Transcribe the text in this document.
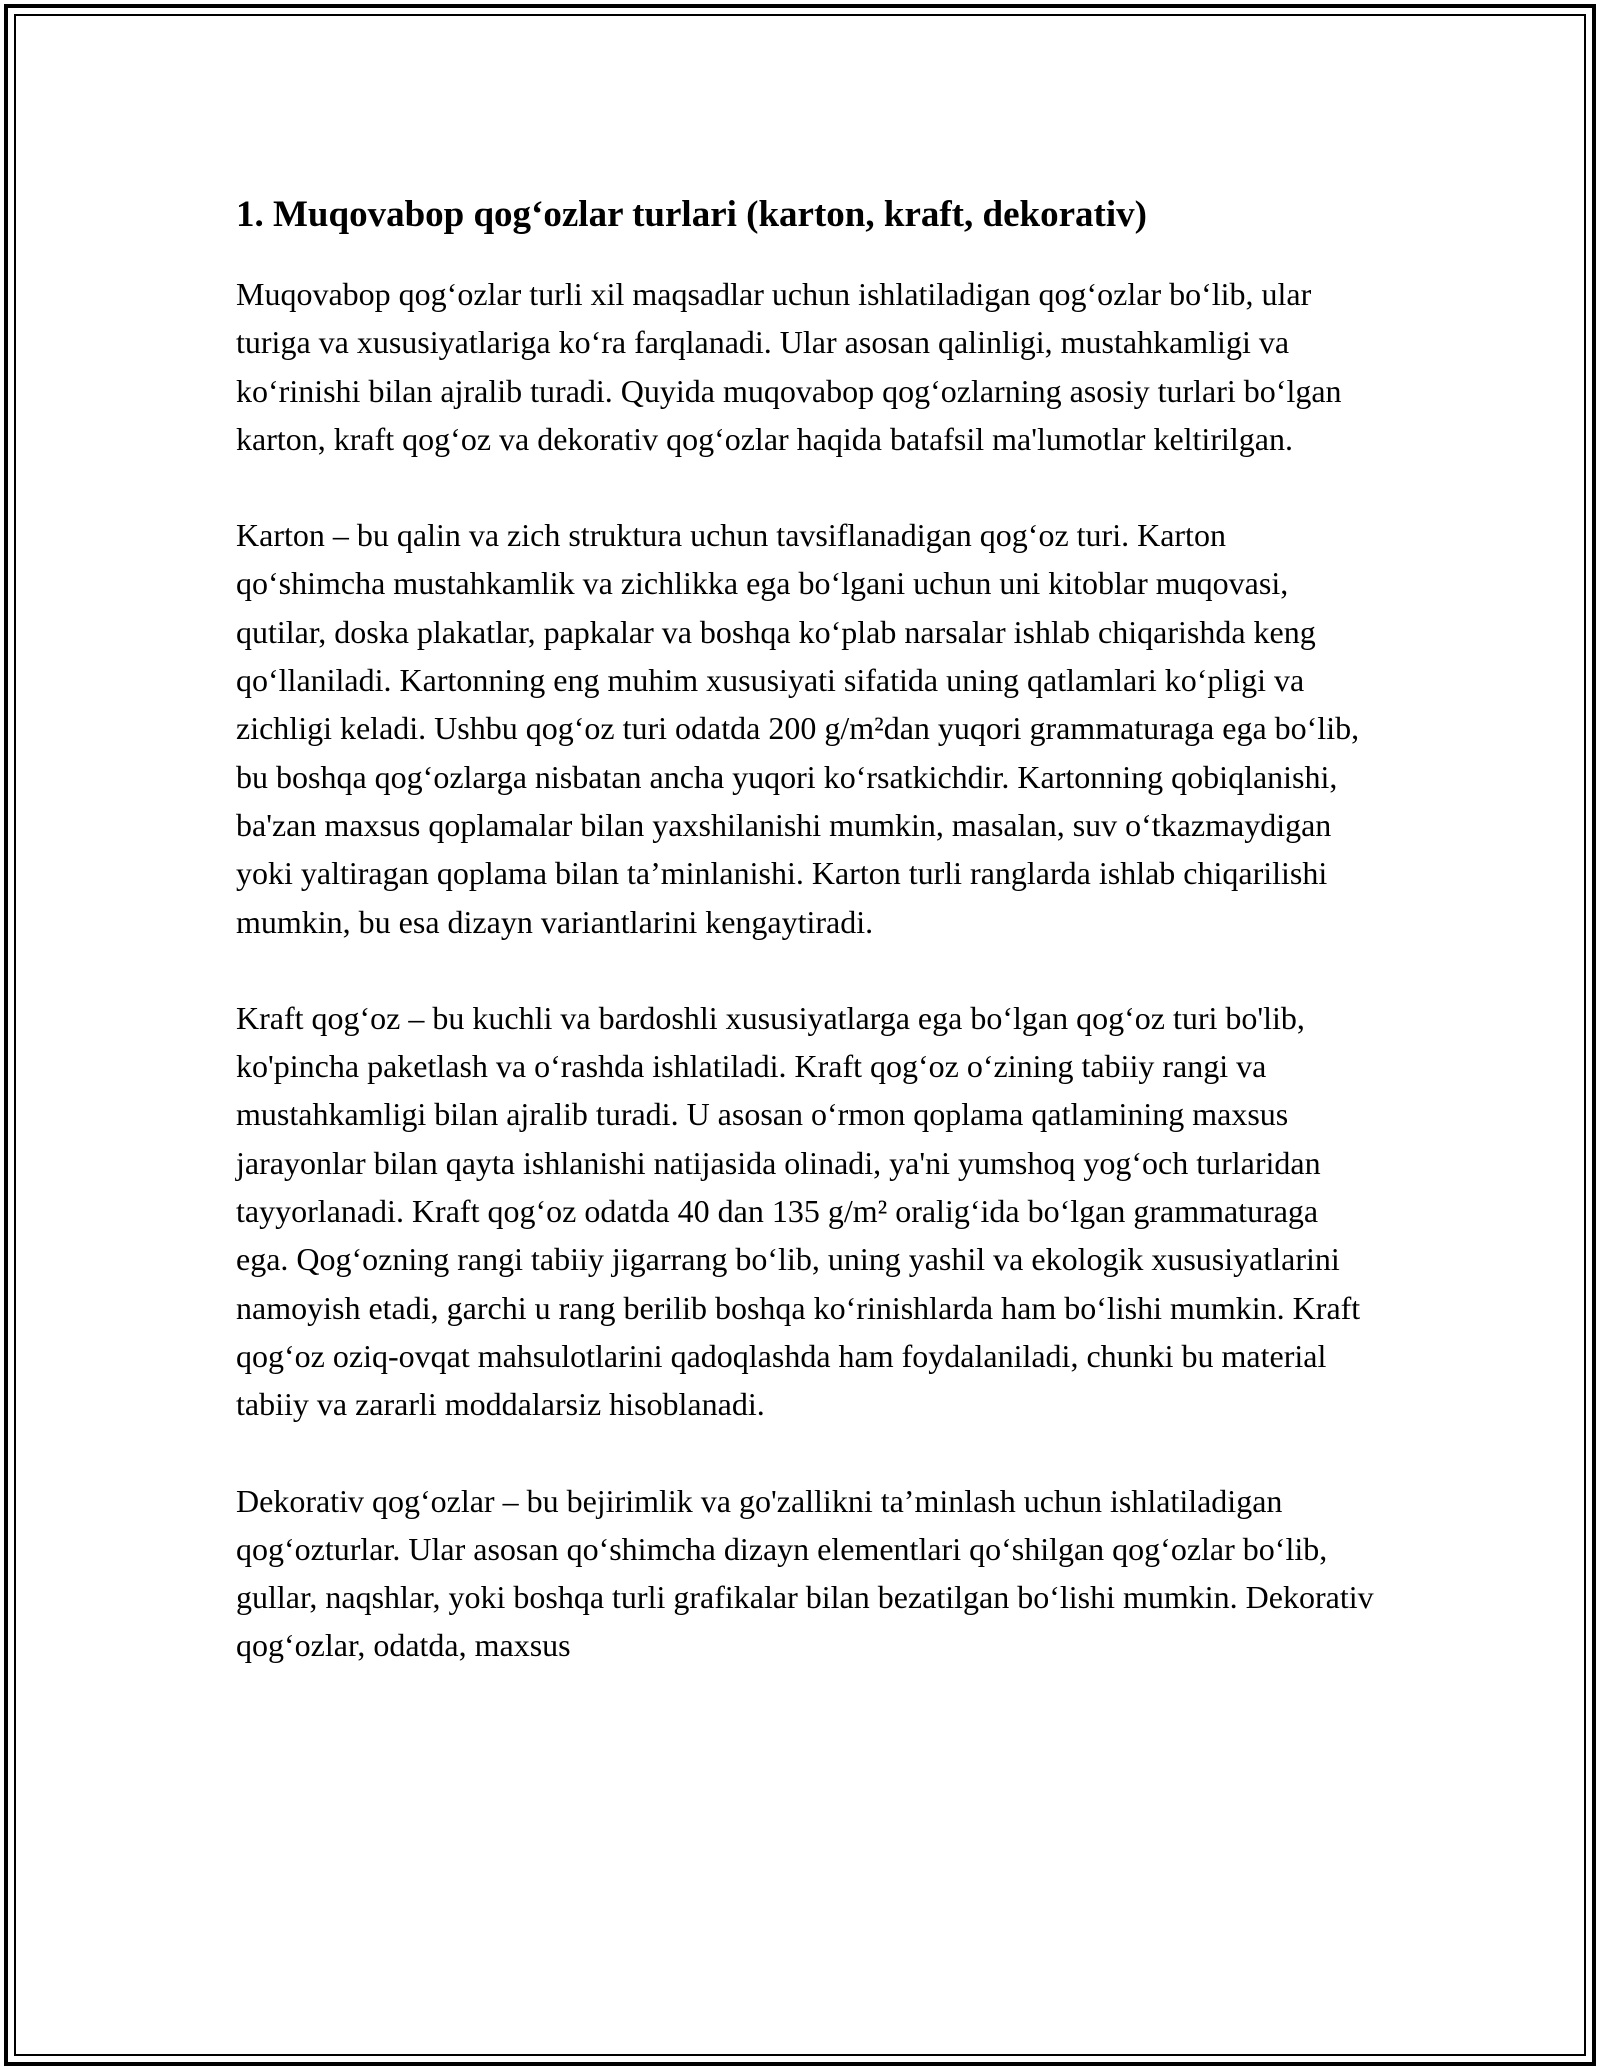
1. Muqovabop qog‘ozlar turlari (karton, kraft, dekorativ)

Muqovabop qog‘ozlar turli xil maqsadlar uchun ishlatiladigan qog‘ozlar bo‘lib, ular turiga va xususiyatlariga ko‘ra farqlanadi. Ular asosan qalinligi, mustahkamligi va ko‘rinishi bilan ajralib turadi. Quyida muqovabop qog‘ozlarning asosiy turlari bo‘lgan karton, kraft qog‘oz va dekorativ qog‘ozlar haqida batafsil ma'lumotlar keltirilgan.

Karton – bu qalin va zich struktura uchun tavsiflanadigan qog‘oz turi. Karton qo‘shimcha mustahkamlik va zichlikka ega bo‘lgani uchun uni kitoblar muqovasi, qutilar, doska plakatlar, papkalar va boshqa ko‘plab narsalar ishlab chiqarishda keng qo‘llaniladi. Kartonning eng muhim xususiyati sifatida uning qatlamlari ko‘pligi va zichligi keladi. Ushbu qog‘oz turi odatda 200 g/m²dan yuqori grammaturaga ega bo‘lib, bu boshqa qog‘ozlarga nisbatan ancha yuqori ko‘rsatkichdir. Kartonning qobiqlanishi, ba'zan maxsus qoplamalar bilan yaxshilanishi mumkin, masalan, suv o‘tkazmaydigan yoki yaltiragan qoplama bilan ta’minlanishi. Karton turli ranglarda ishlab chiqarilishi mumkin, bu esa dizayn variantlarini kengaytiradi.

Kraft qog‘oz – bu kuchli va bardoshli xususiyatlarga ega bo‘lgan qog‘oz turi bo'lib, ko'pincha paketlash va o‘rashda ishlatiladi. Kraft qog‘oz o‘zining tabiiy rangi va mustahkamligi bilan ajralib turadi. U asosan o‘rmon qoplama qatlamining maxsus jarayonlar bilan qayta ishlanishi natijasida olinadi, ya'ni yumshoq yog‘och turlaridan tayyorlanadi. Kraft qog‘oz odatda 40 dan 135 g/m² oralig‘ida bo‘lgan grammaturaga ega. Qog‘ozning rangi tabiiy jigarrang bo‘lib, uning yashil va ekologik xususiyatlarini namoyish etadi, garchi u rang berilib boshqa ko‘rinishlarda ham bo‘lishi mumkin. Kraft qog‘oz oziq-ovqat mahsulotlarini qadoqlashda ham foydalaniladi, chunki bu material tabiiy va zararli moddalarsiz hisoblanadi.

Dekorativ qog‘ozlar – bu bejirimlik va go'zallikni ta’minlash uchun ishlatiladigan qog‘ozturlar. Ular asosan qo‘shimcha dizayn elementlari qo‘shilgan qog‘ozlar bo‘lib, gullar, naqshlar, yoki boshqa turli grafikalar bilan bezatilgan bo‘lishi mumkin. Dekorativ qog‘ozlar, odatda, maxsus
